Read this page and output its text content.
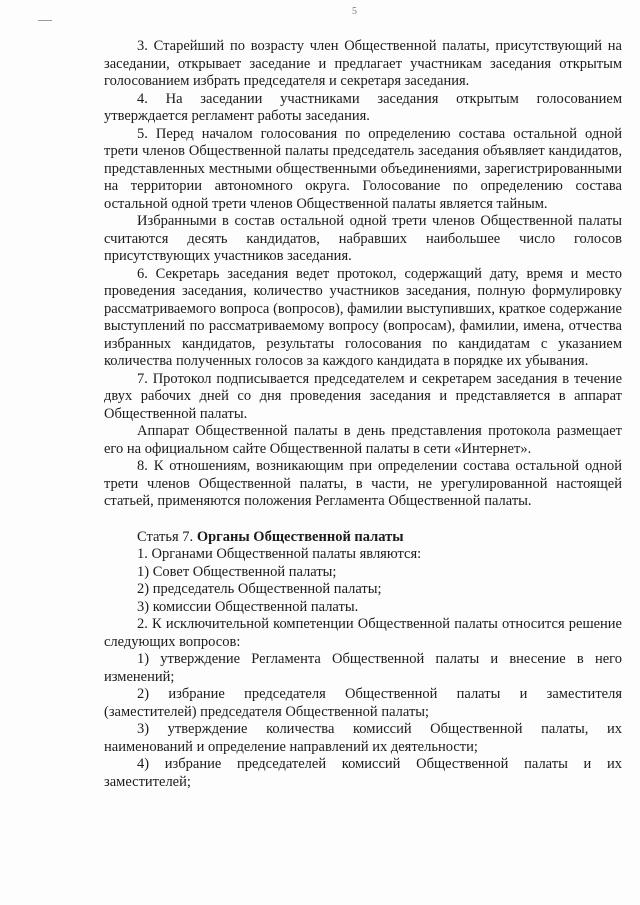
5

3. Старейший по возрасту член Общественной палаты, присутствующий на заседании, открывает заседание и предлагает участникам заседания открытым голосованием избрать председателя и секретаря заседания.

4. На заседании участниками заседания открытым голосованием утверждается регламент работы заседания.

5. Перед началом голосования по определению состава остальной одной трети членов Общественной палаты председатель заседания объявляет кандидатов, представленных местными общественными объединениями, зарегистрированными на территории автономного округа. Голосование по определению состава остальной одной трети членов Общественной палаты является тайным.

Избранными в состав остальной одной трети членов Общественной палаты считаются десять кандидатов, набравших наибольшее число голосов присутствующих участников заседания.

6. Секретарь заседания ведет протокол, содержащий дату, время и место проведения заседания, количество участников заседания, полную формулировку рассматриваемого вопроса (вопросов), фамилии выступивших, краткое содержание выступлений по рассматриваемому вопросу (вопросам), фамилии, имена, отчества избранных кандидатов, результаты голосования по кандидатам с указанием количества полученных голосов за каждого кандидата в порядке их убывания.

7. Протокол подписывается председателем и секретарем заседания в течение двух рабочих дней со дня проведения заседания и представляется в аппарат Общественной палаты.

Аппарат Общественной палаты в день представления протокола размещает его на официальном сайте Общественной палаты в сети «Интернет».

8. К отношениям, возникающим при определении состава остальной одной трети членов Общественной палаты, в части, не урегулированной настоящей статьей, применяются положения Регламента Общественной палаты.

Статья 7. Органы Общественной палаты

1. Органами Общественной палаты являются:

1) Совет Общественной палаты;

2) председатель Общественной палаты;

3) комиссии Общественной палаты.

2. К исключительной компетенции Общественной палаты относится решение следующих вопросов:

1) утверждение Регламента Общественной палаты и внесение в него изменений;

2) избрание председателя Общественной палаты и заместителя (заместителей) председателя Общественной палаты;

3) утверждение количества комиссий Общественной палаты, их наименований и определение направлений их деятельности;

4) избрание председателей комиссий Общественной палаты и их заместителей;
